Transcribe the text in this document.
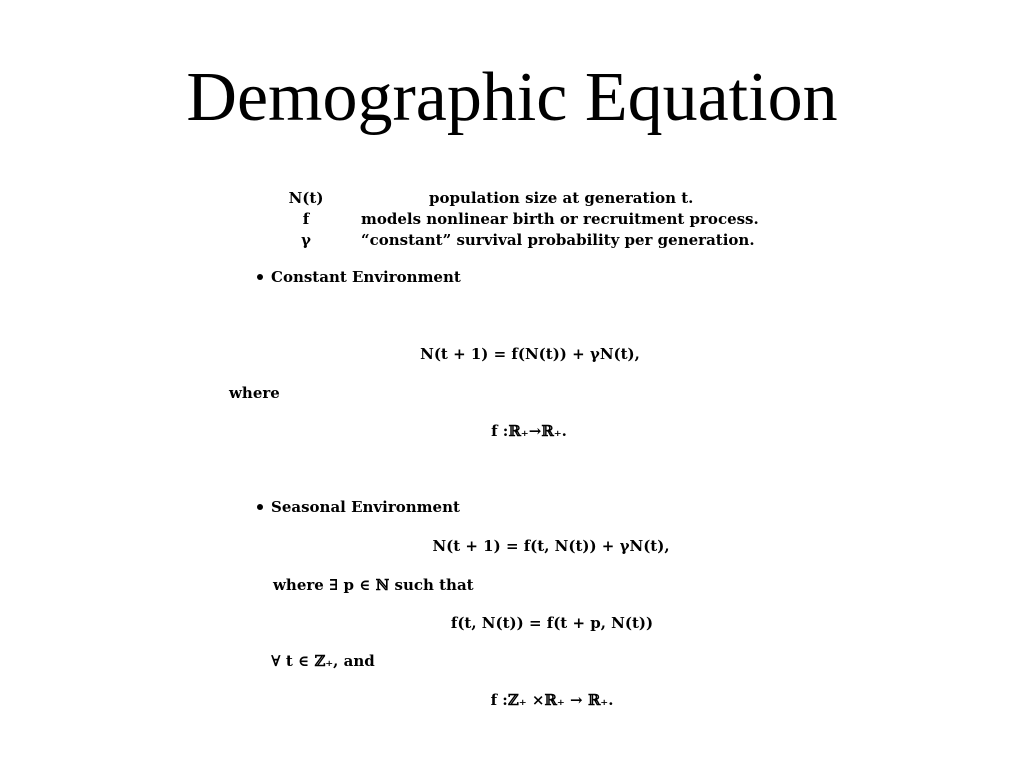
Demographic Equation
N(t)	population size at generation t.
f	models nonlinear birth or recruitment process.
γ	“constant” survival probability per generation.
Constant Environment
N(t + 1) = f(N(t)) + γN(t),
where
f :ℝ₊→ℝ₊.
Seasonal Environment
N(t + 1) = f(t, N(t)) + γN(t),
where ∃ p ∈ ℕ such that
f(t, N(t)) = f(t + p, N(t))
∀ t ∈ ℤ₊, and
f :ℤ₊ ×ℝ₊ → ℝ₊.
